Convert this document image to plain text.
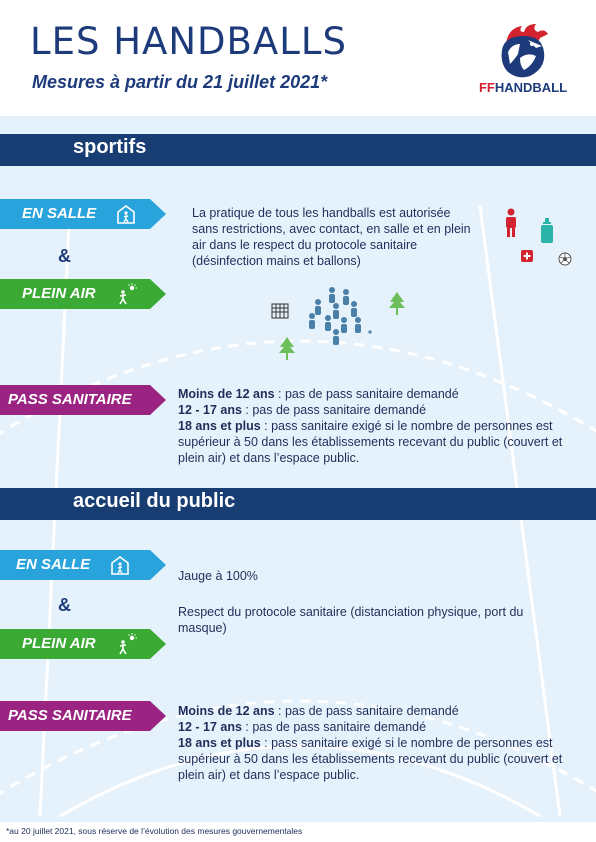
LES HANDBALLS
Mesures à partir du 21 juillet 2021*	FFHANDBALL
sportifs
EN SALLE
&
PLEIN AIR
La pratique de tous les handballs est autorisée sans restrictions, avec contact, en salle et en plein air dans le respect du protocole sanitaire (désinfection mains et ballons)
PASS SANITAIRE	Moins de 12 ans : pas de pass sanitaire demandé
12 - 17 ans : pas de pass sanitaire demandé
18 ans et plus : pass sanitaire exigé si le nombre de personnes est supérieur à 50 dans les établissements recevant du public (couvert et plein air) et dans l’espace public.
accueil du public
EN SALLE
&
PLEIN AIR
Jauge à 100%
Respect du protocole sanitaire (distanciation physique, port du masque)
PASS SANITAIRE	Moins de 12 ans : pas de pass sanitaire demandé
12 - 17 ans : pas de pass sanitaire demandé
18 ans et plus : pass sanitaire exigé si le nombre de personnes est supérieur à 50 dans les établissements recevant du public (couvert et plein air) et dans l’espace public.
*au 20 juillet 2021, sous réserve de l’évolution des mesures gouvernementales
